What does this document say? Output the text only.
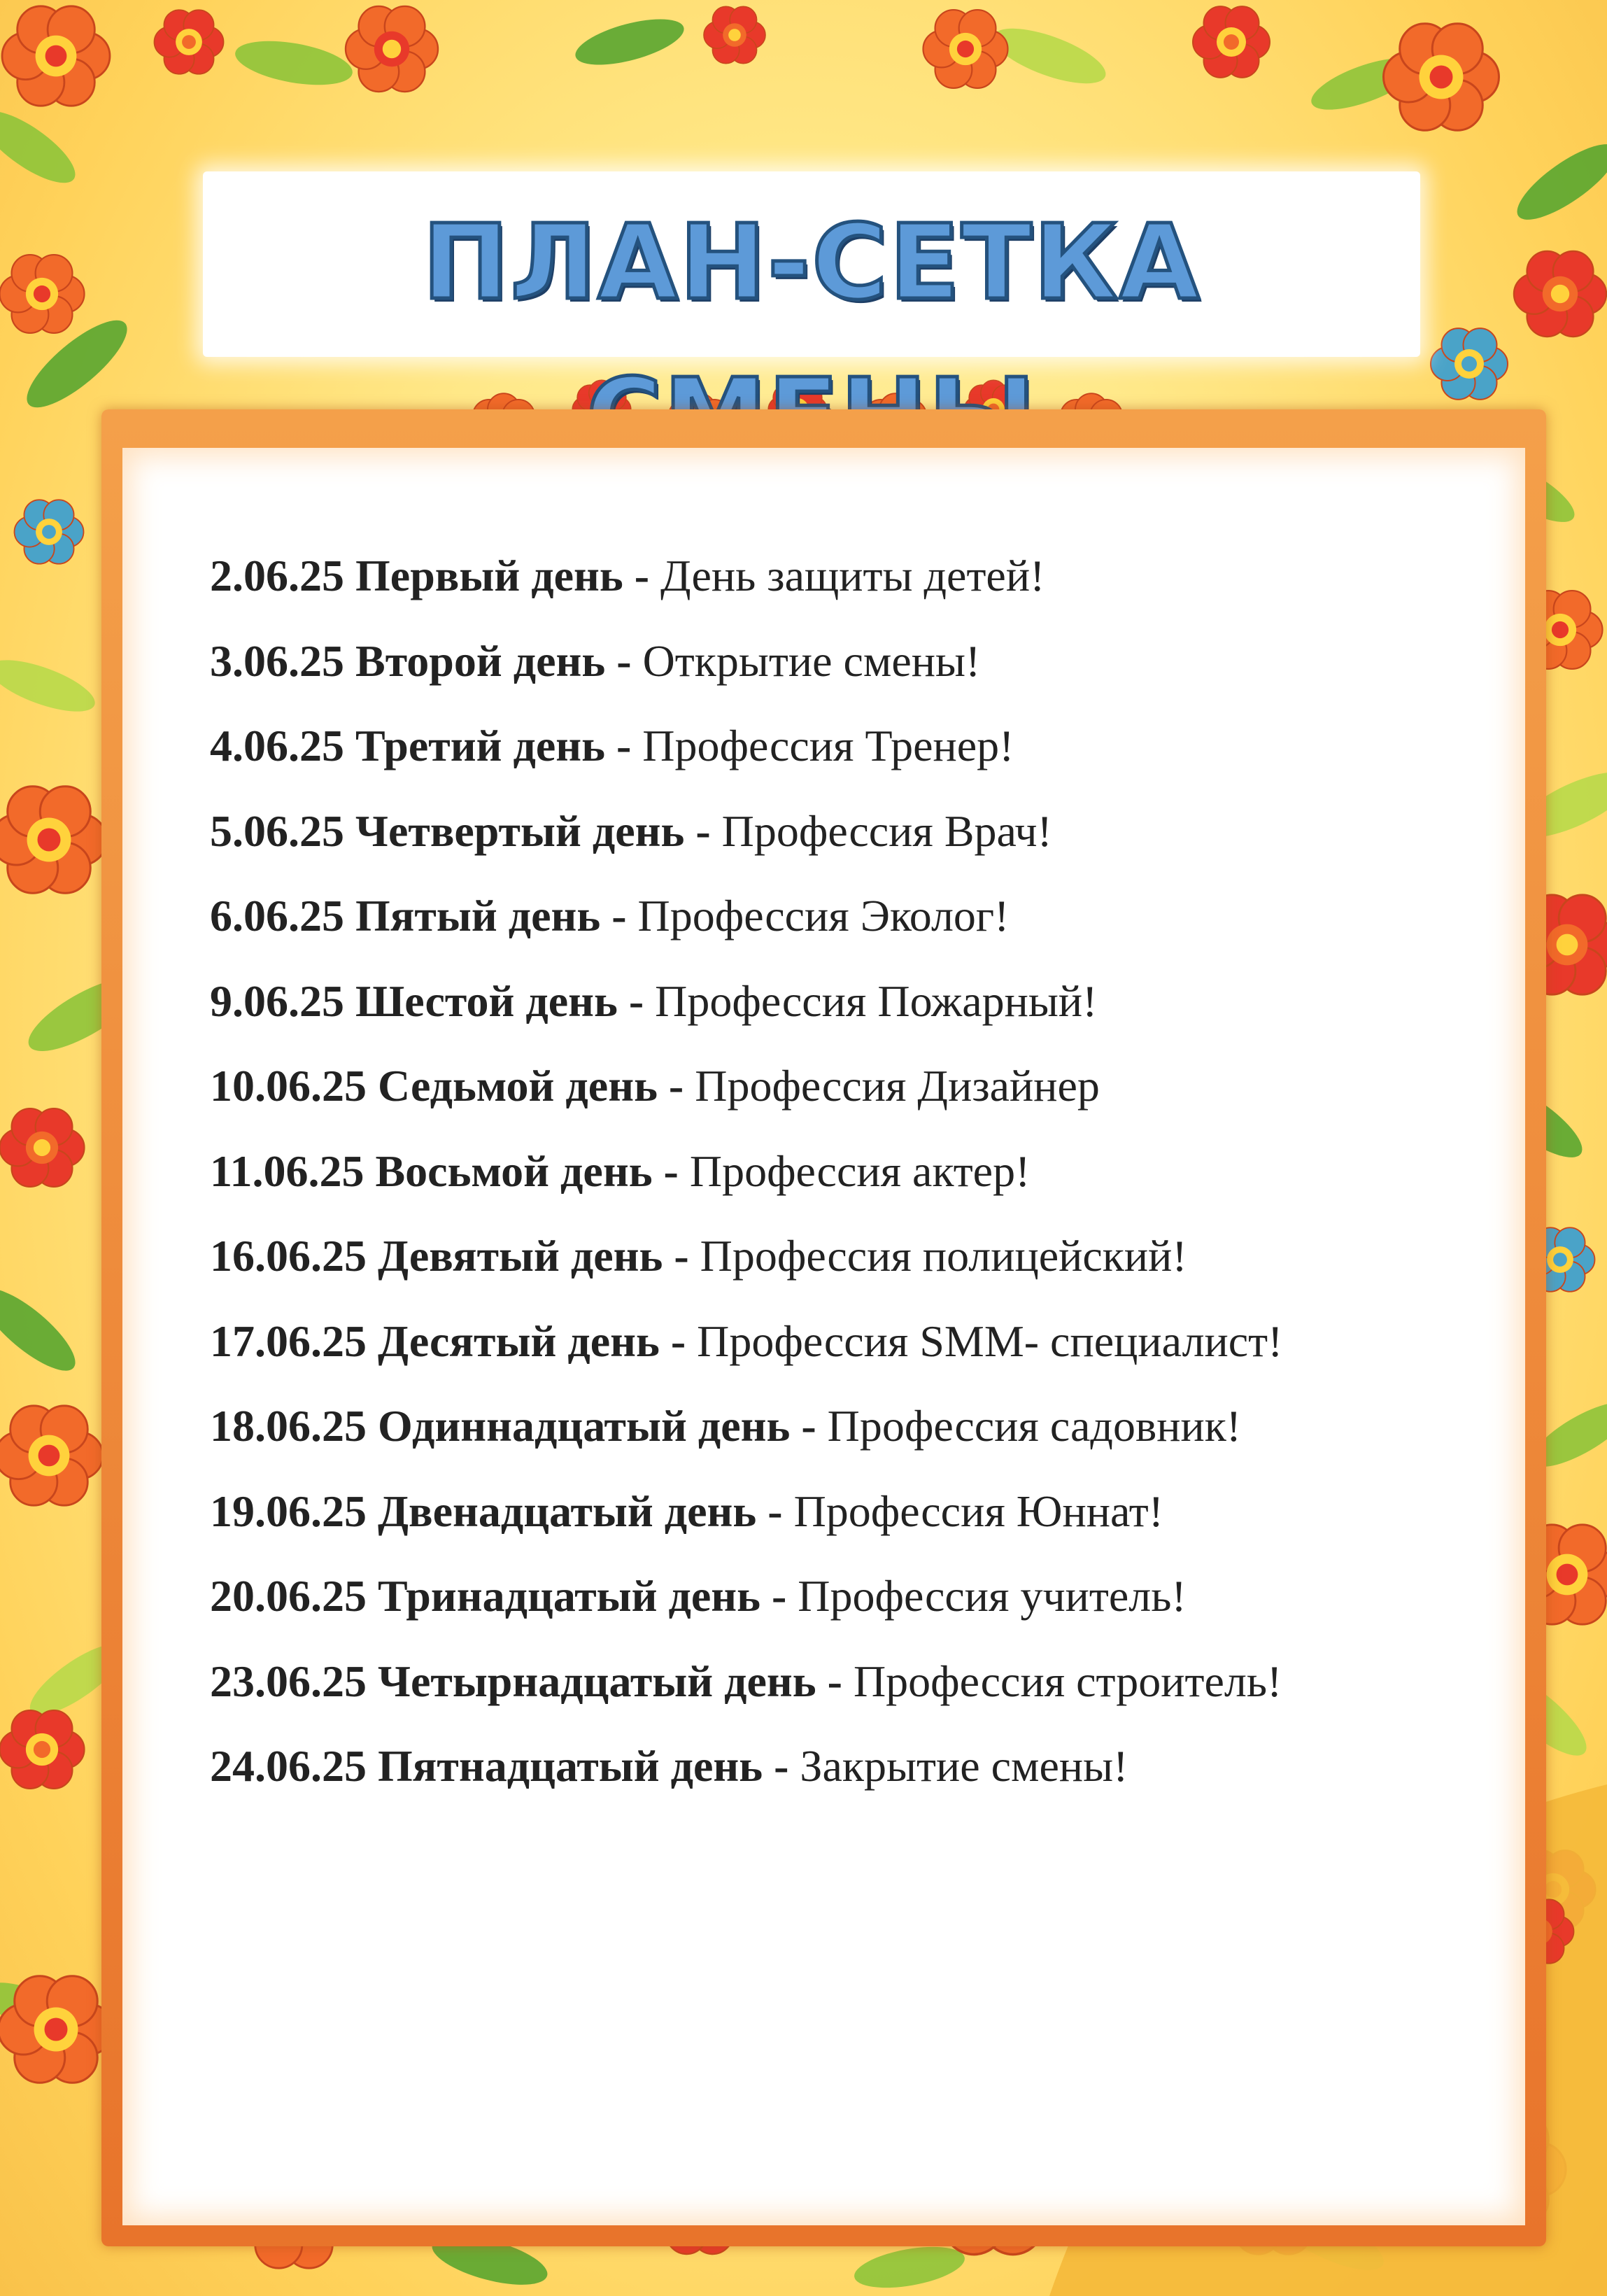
ПЛАН-СЕТКА
2.06.25 Первый день - День защиты детей!
3.06.25 Второй день - Открытие смены!
4.06.25 Третий день - Профессия Тренер!
5.06.25 Четвертый день - Профессия Врач!
6.06.25 Пятый день - Профессия Эколог!
9.06.25 Шестой день - Профессия Пожарный!
10.06.25 Седьмой день - Профессия Дизайнер
11.06.25 Восьмой день - Профессия актер!
16.06.25 Девятый день - Профессия полицейский!
17.06.25 Десятый день - Профессия SMM- специалист!
18.06.25 Одиннадцатый день - Профессия садовник!
19.06.25 Двенадцатый день - Профессия Юннат!
20.06.25 Тринадцатый день - Профессия учитель!
23.06.25 Четырнадцатый день - Профессия строитель!
24.06.25 Пятнадцатый день - Закрытие смены!
